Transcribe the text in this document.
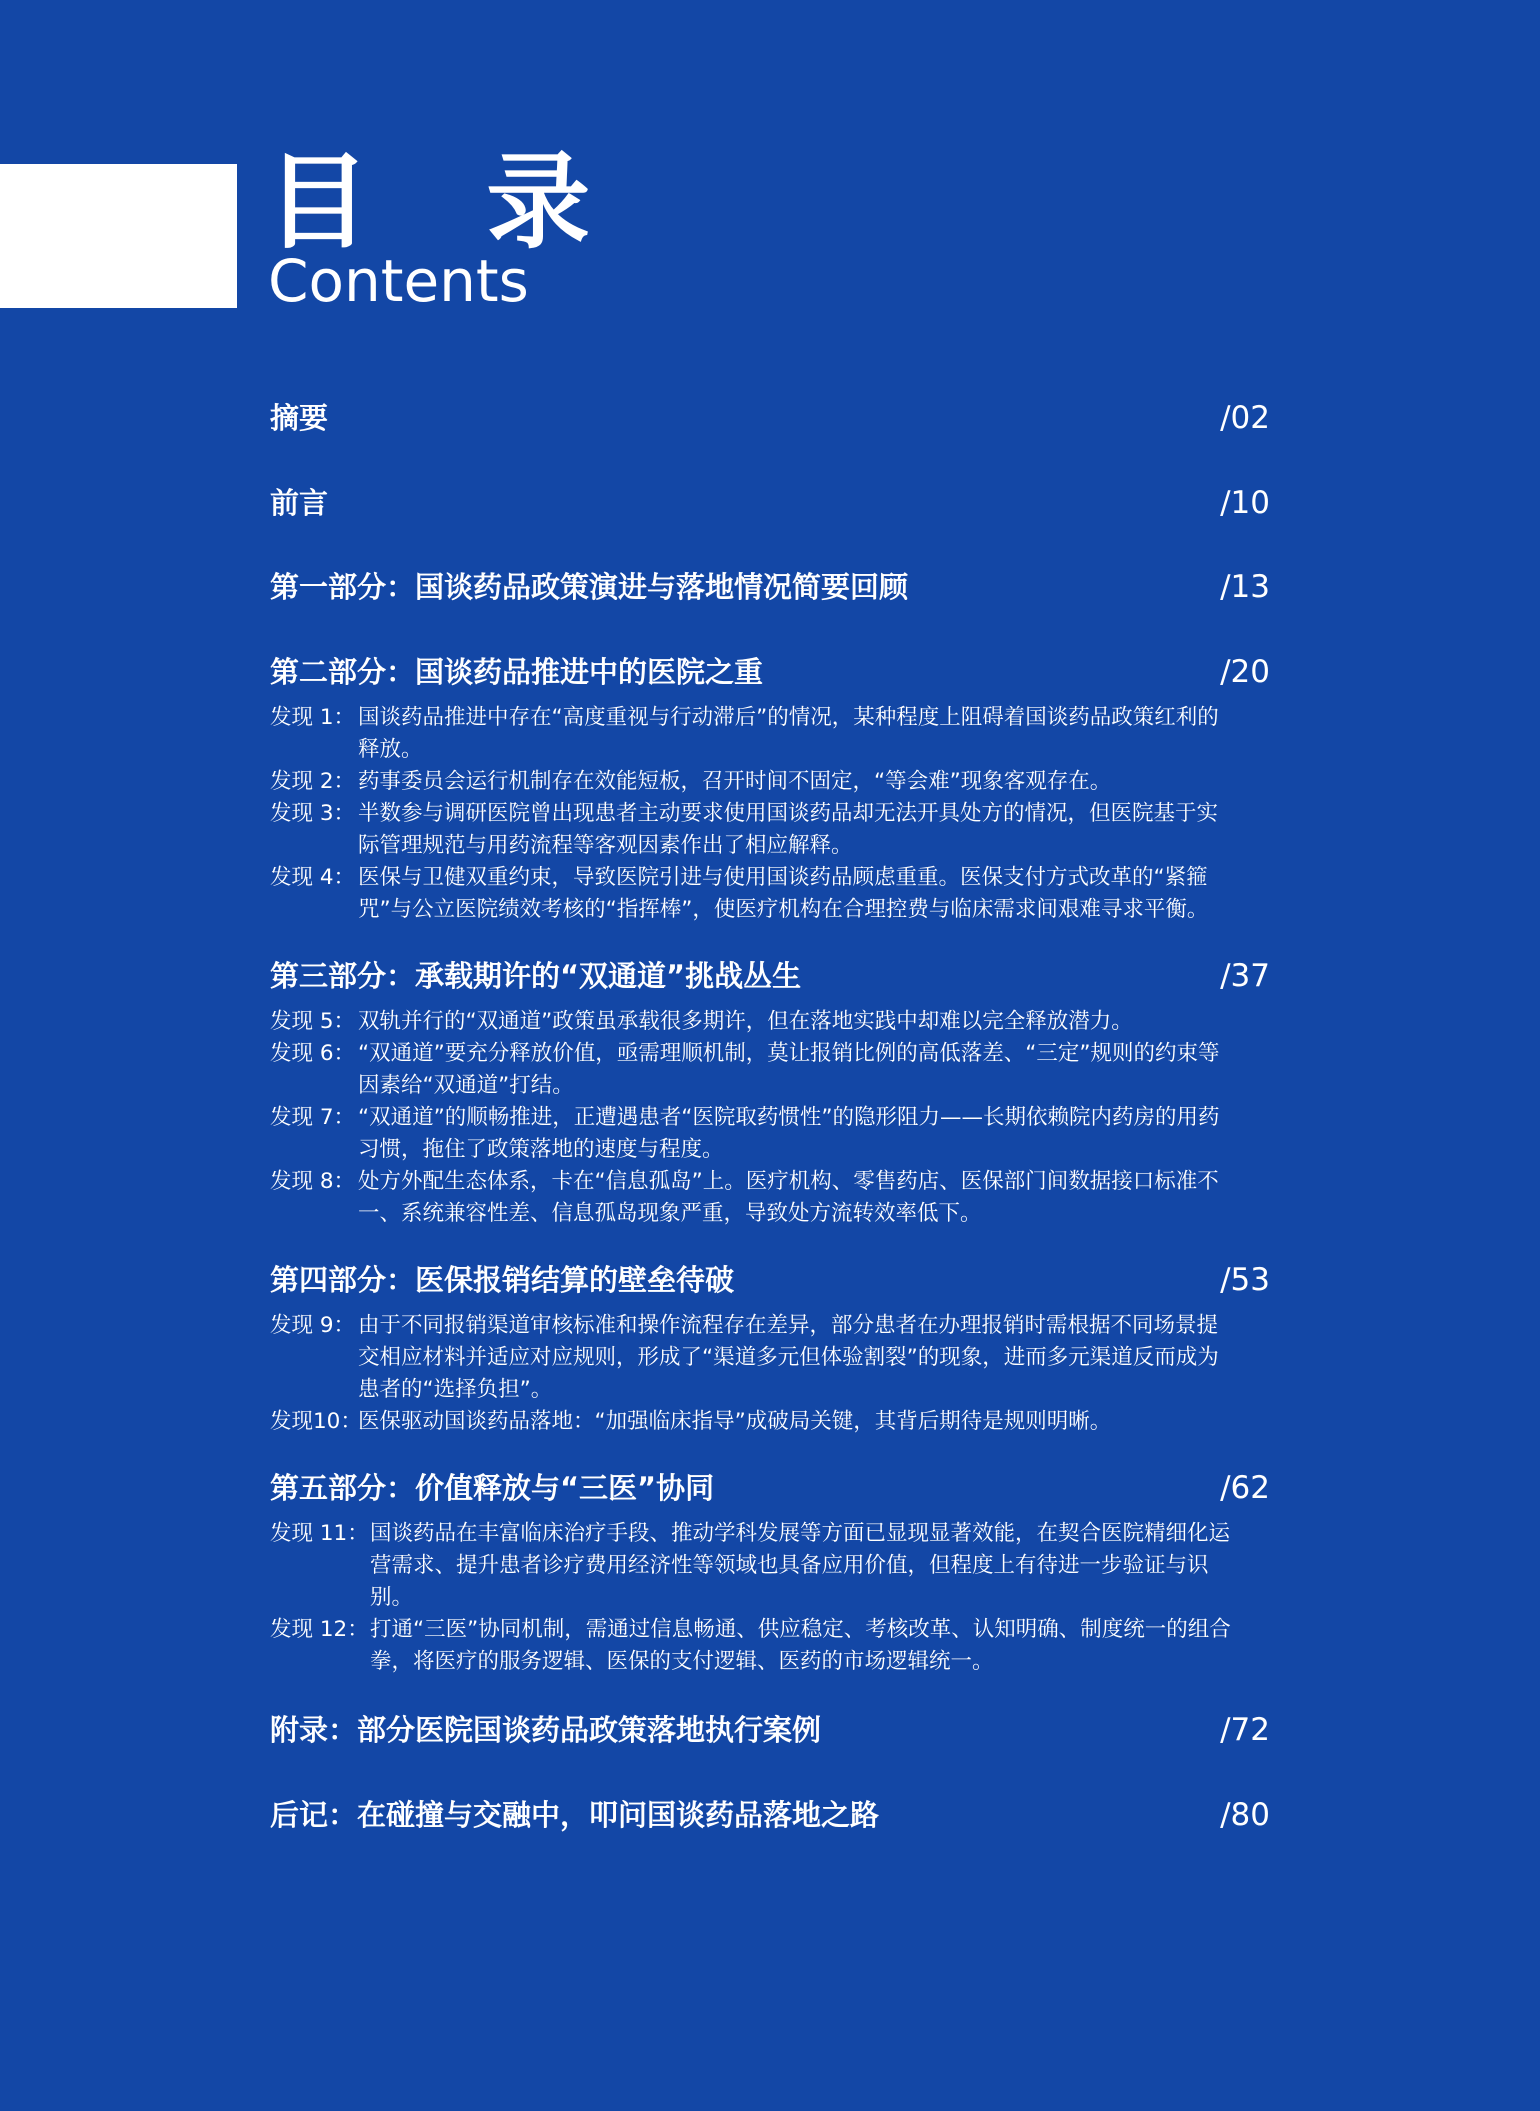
目 录
Contents
摘要	/02
前言	/10
第一部分：国谈药品政策演进与落地情况简要回顾	/13
第二部分：国谈药品推进中的医院之重	/20
发现 1： 国谈药品推进中存在“高度重视与行动滞后”的情况，某种程度上阻碍着国谈药品政策红利的释放。
发现 2： 药事委员会运行机制存在效能短板，召开时间不固定，“等会难”现象客观存在。
发现 3： 半数参与调研医院曾出现患者主动要求使用国谈药品却无法开具处方的情况，但医院基于实际管理规范与用药流程等客观因素作出了相应解释。
发现 4： 医保与卫健双重约束，导致医院引进与使用国谈药品顾虑重重。医保支付方式改革的“紧箍咒”与公立医院绩效考核的“指挥棒”，使医疗机构在合理控费与临床需求间艰难寻求平衡。
第三部分：承载期许的“双通道”挑战丛生	/37
发现 5： 双轨并行的“双通道”政策虽承载很多期许，但在落地实践中却难以完全释放潜力。
发现 6： “双通道”要充分释放价值，亟需理顺机制，莫让报销比例的高低落差、“三定”规则的约束等因素给“双通道”打结。
发现 7： “双通道”的顺畅推进，正遭遇患者“医院取药惯性”的隐形阻力——长期依赖院内药房的用药习惯，拖住了政策落地的速度与程度。
发现 8： 处方外配生态体系，卡在“信息孤岛”上。医疗机构、零售药店、医保部门间数据接口标准不一、系统兼容性差、信息孤岛现象严重，导致处方流转效率低下。
第四部分：医保报销结算的壁垒待破	/53
发现 9： 由于不同报销渠道审核标准和操作流程存在差异，部分患者在办理报销时需根据不同场景提交相应材料并适应对应规则，形成了“渠道多元但体验割裂”的现象，进而多元渠道反而成为患者的“选择负担”。
发现10：
医保驱动国谈药品落地：“加强临床指导”成破局关键，其背后期待是规则明晰。
第五部分：价值释放与“三医”协同	/62
发现 11： 国谈药品在丰富临床治疗手段、推动学科发展等方面已显现显著效能，在契合医院精细化运营需求、提升患者诊疗费用经济性等领域也具备应用价值，但程度上有待进一步验证与识别。
发现 12： 打通“三医”协同机制，需通过信息畅通、供应稳定、考核改革、认知明确、制度统一的组合拳，将医疗的服务逻辑、医保的支付逻辑、医药的市场逻辑统一。
附录：部分医院国谈药品政策落地执行案例	/72
后记：在碰撞与交融中，叩问国谈药品落地之路	/80
